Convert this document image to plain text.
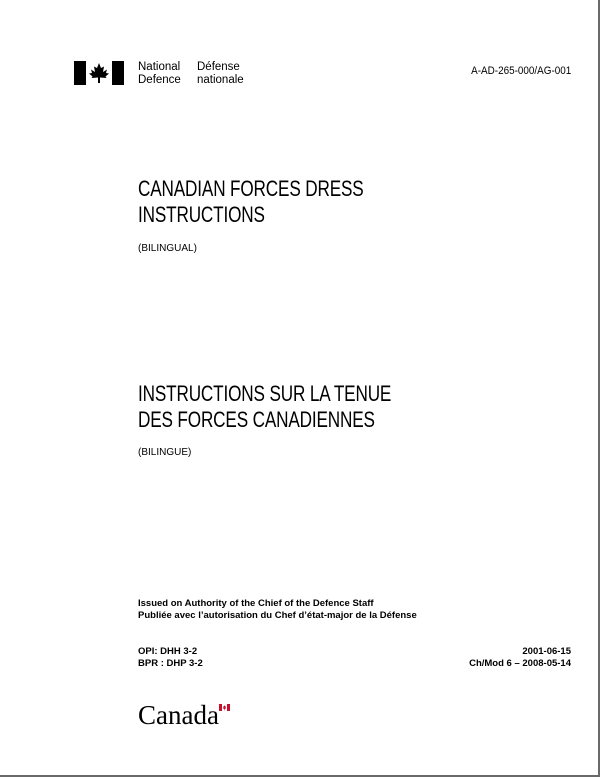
National
Defence
Défense
nationale
A-AD-265-000/AG-001
CANADIAN FORCES DRESS
INSTRUCTIONS
(BILINGUAL)
INSTRUCTIONS SUR LA TENUE
DES FORCES CANADIENNES
(BILINGUE)
Issued on Authority of the Chief of the Defence Staff
Publiée avec l’autorisation du Chef d’état-major de la Défense
OPI: DHH 3-2
BPR : DHP 3-2
2001-06-15
Ch/Mod 6 – 2008-05-14
Canada
